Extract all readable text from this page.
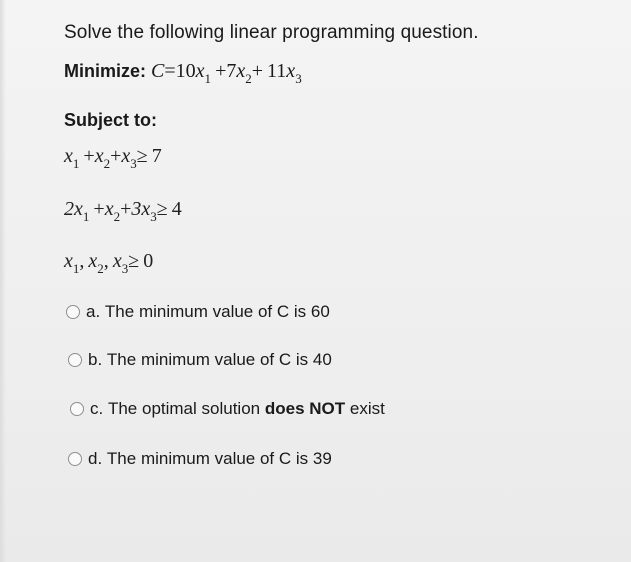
Solve the following linear programming question.
Minimize: $C=10x_1 +7x_2+ 11x_3$
Subject to:
$x_1 +x_2+x_3\ge 7$
$2x_1 +x_2+3x_3\ge 4$
$x_1$,  $x_2$,  $x_3\ge 0$
a.
The minimum value of C is 60
b.
The minimum value of C is 40
c.
The optimal solution does NOT exist
d.
The minimum value of C is 39
